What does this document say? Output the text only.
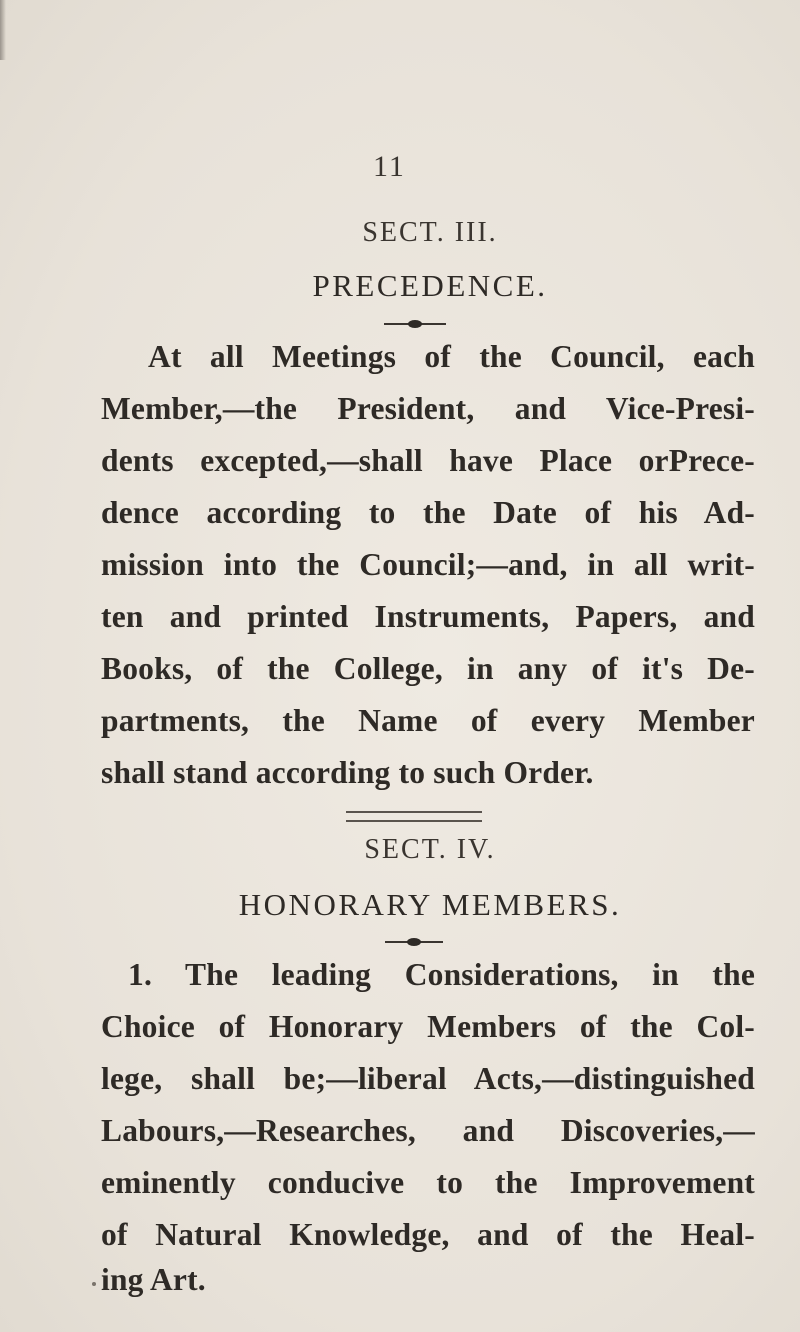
11
SECT. III.
PRECEDENCE.
At all Meetings of the Council, each
Member,—the President, and Vice-Presi-
dents excepted,—shall have Place orPrece-
dence according to the Date of his Ad-
mission into the Council;—and, in all writ-
ten and printed Instruments, Papers, and
Books, of the College, in any of it's De-
partments, the Name of every Member
shall stand according to such Order.
SECT. IV.
HONORARY MEMBERS.
1. The leading Considerations, in the
Choice of Honorary Members of the Col-
lege, shall be;—liberal Acts,—distinguished
Labours,—Researches, and Discoveries,—
eminently conducive to the Improvement
of Natural Knowledge, and of the Heal-
ing Art.
